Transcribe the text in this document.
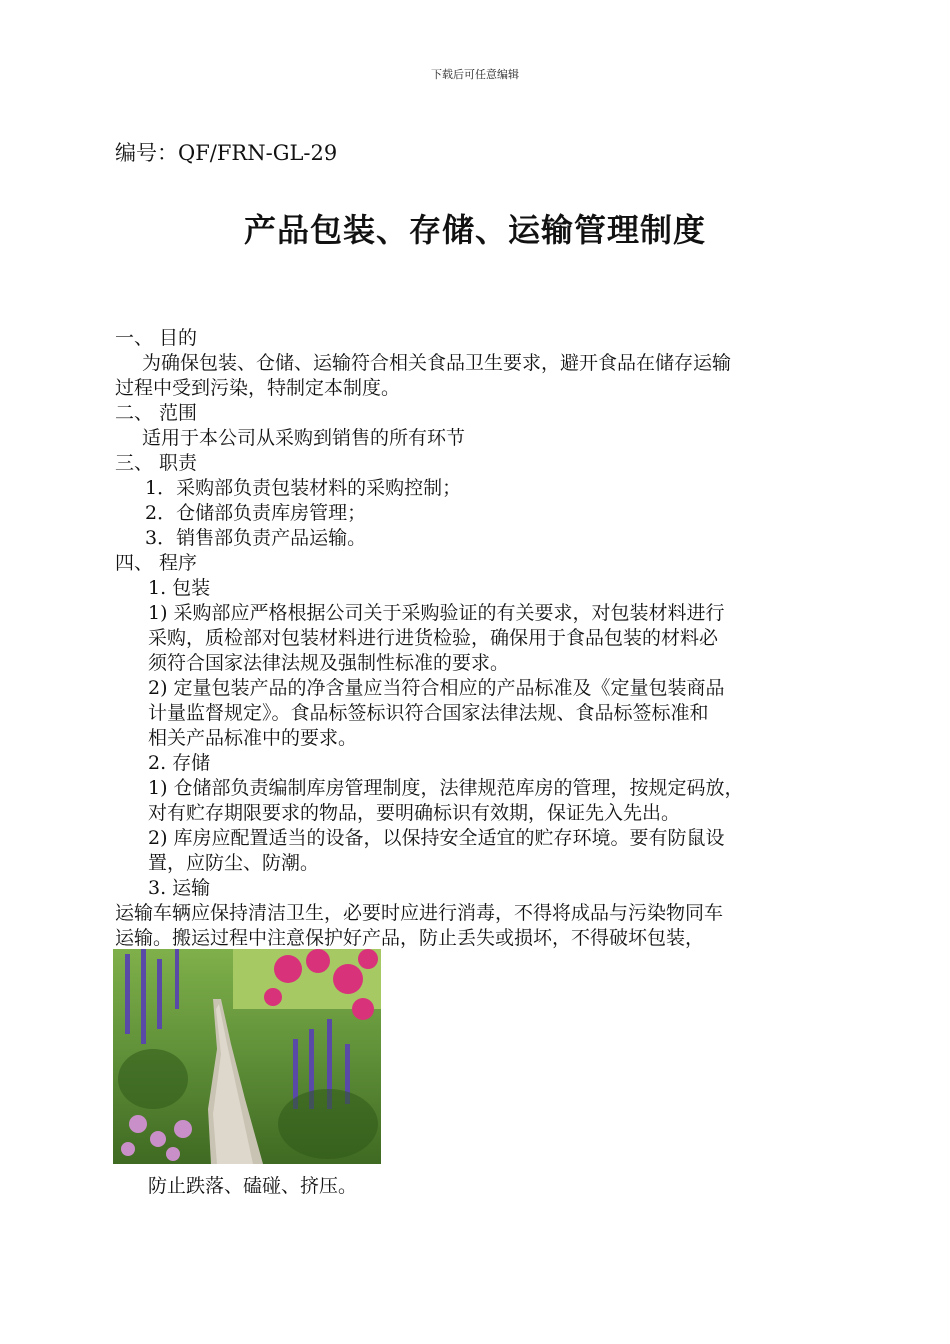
下载后可任意编辑
编号：QF/FRN-GL-29
产品包装、存储、运输管理制度
一、 目的
为确保包装、仓储、运输符合相关食品卫生要求，避开食品在储存运输
过程中受到污染，特制定本制度。
二、 范围
适用于本公司从采购到销售的所有环节
三、 职责
1．采购部负责包装材料的采购控制；
2．仓储部负责库房管理；
3．销售部负责产品运输。
四、 程序
1. 包装
1) 采购部应严格根据公司关于采购验证的有关要求，对包装材料进行
采购，质检部对包装材料进行进货检验，确保用于食品包装的材料必
须符合国家法律法规及强制性标准的要求。
2) 定量包装产品的净含量应当符合相应的产品标准及《定量包装商品
计量监督规定》。食品标签标识符合国家法律法规、食品标签标准和
相关产品标准中的要求。
2. 存储
1) 仓储部负责编制库房管理制度，法律规范库房的管理，按规定码放，
对有贮存期限要求的物品，要明确标识有效期，保证先入先出。
2) 库房应配置适当的设备，以保持安全适宜的贮存环境。要有防鼠设
置，应防尘、防潮。
3. 运输
运输车辆应保持清洁卫生，必要时应进行消毒，不得将成品与污染物同车
运输。搬运过程中注意保护好产品，防止丢失或损坏，不得破坏包装，
防止跌落、磕碰、挤压。
